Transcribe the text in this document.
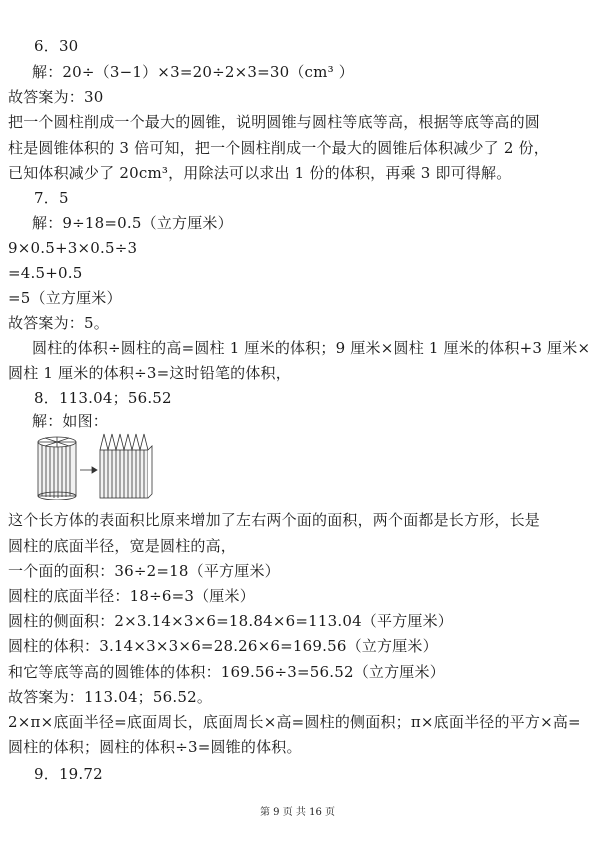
6．30
解：20÷（3−1）×3=20÷2×3=30（cm³ ）
故答案为：30
把一个圆柱削成一个最大的圆锥，说明圆锥与圆柱等底等高，根据等底等高的圆
柱是圆锥体积的 3 倍可知，把一个圆柱削成一个最大的圆锥后体积减少了 2 份，
已知体积减少了 20cm³，用除法可以求出 1 份的体积，再乘 3 即可得解。
7．5
解：9÷18=0.5（立方厘米）
9×0.5+3×0.5÷3
=4.5+0.5
=5（立方厘米）
故答案为：5。
圆柱的体积÷圆柱的高=圆柱 1 厘米的体积；9 厘米×圆柱 1 厘米的体积+3 厘米×
圆柱 1 厘米的体积÷3=这时铅笔的体积，
8．113.04；56.52
解：如图：
这个长方体的表面积比原来增加了左右两个面的面积，两个面都是长方形，长是
圆柱的底面半径，宽是圆柱的高，
一个面的面积：36÷2=18（平方厘米）
圆柱的底面半径：18÷6=3（厘米）
圆柱的侧面积：2×3.14×3×6=18.84×6=113.04（平方厘米）
圆柱的体积：3.14×3×3×6=28.26×6=169.56（立方厘米）
和它等底等高的圆锥体的体积：169.56÷3=56.52（立方厘米）
故答案为：113.04；56.52。
2×π×底面半径=底面周长，底面周长×高=圆柱的侧面积；π×底面半径的平方×高=
圆柱的体积；圆柱的体积÷3=圆锥的体积。
9．19.72
第 9 页 共 16 页
